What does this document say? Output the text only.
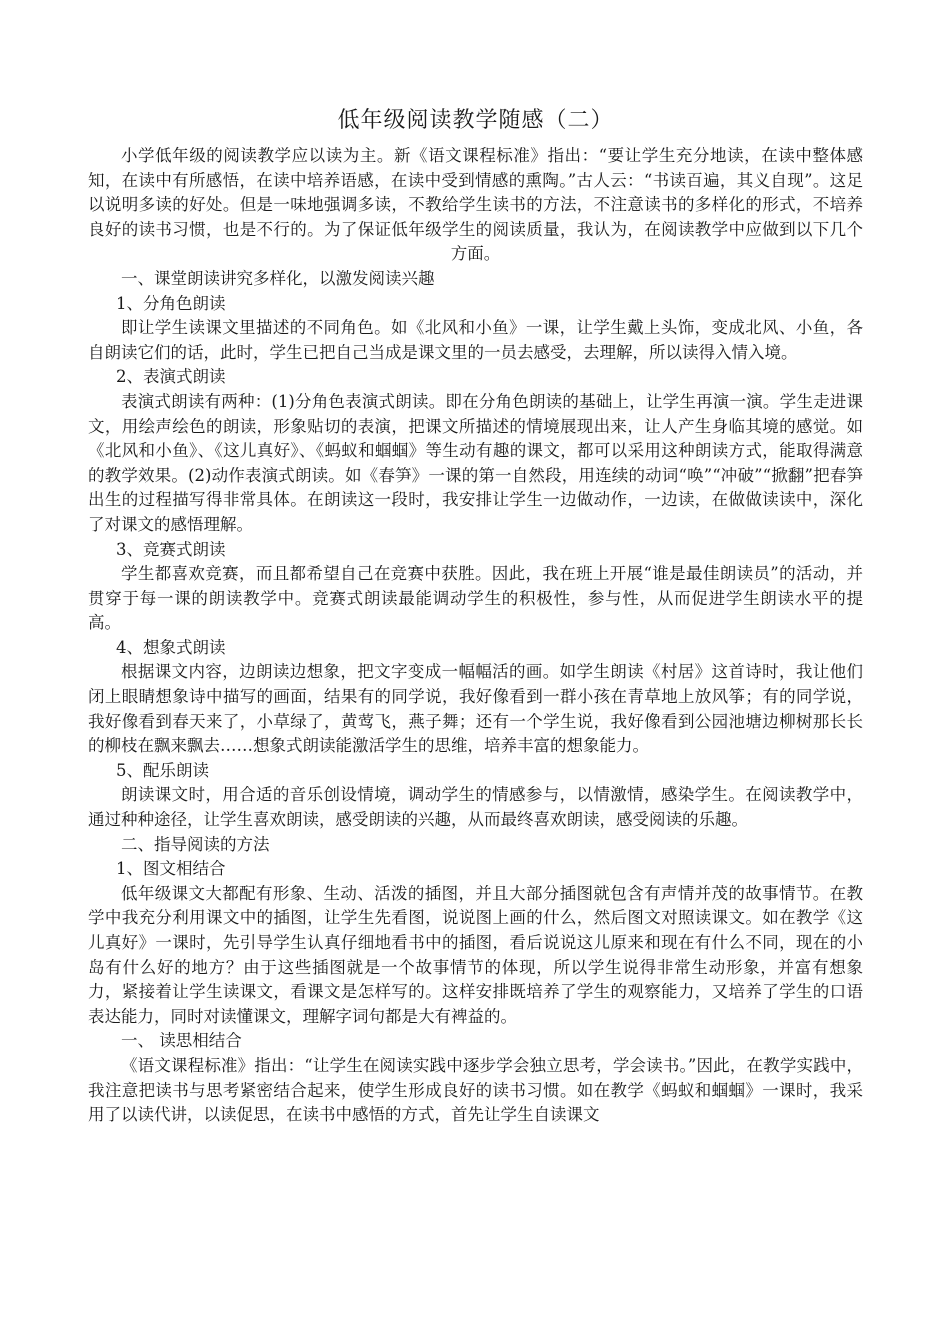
低年级阅读教学随感（二）

小学低年级的阅读教学应以读为主。新《语文课程标准》指出：“要让学生充分地读，在读中整体感知，在读中有所感悟，在读中培养语感，在读中受到情感的熏陶。”古人云：“书读百遍，其义自现”。这足以说明多读的好处。但是一味地强调多读，不教给学生读书的方法，不注意读书的多样化的形式，不培养良好的读书习惯，也是不行的。为了保证低年级学生的阅读质量，我认为，在阅读教学中应做到以下几个方面。

一、课堂朗读讲究多样化，以激发阅读兴趣

1、分角色朗读

即让学生读课文里描述的不同角色。如《北风和小鱼》一课，让学生戴上头饰，变成北风、小鱼，各自朗读它们的话，此时，学生已把自己当成是课文里的一员去感受，去理解，所以读得入情入境。

2、表演式朗读

表演式朗读有两种：(1)分角色表演式朗读。即在分角色朗读的基础上，让学生再演一演。学生走进课文，用绘声绘色的朗读，形象贴切的表演，把课文所描述的情境展现出来，让人产生身临其境的感觉。如《北风和小鱼》、《这儿真好》、《蚂蚁和蝈蝈》等生动有趣的课文，都可以采用这种朗读方式，能取得满意的教学效果。(2)动作表演式朗读。如《春笋》一课的第一自然段，用连续的动词“唤”“冲破”“掀翻”把春笋出生的过程描写得非常具体。在朗读这一段时，我安排让学生一边做动作，一边读，在做做读读中，深化了对课文的感悟理解。

3、竞赛式朗读

学生都喜欢竞赛，而且都希望自己在竞赛中获胜。因此，我在班上开展“谁是最佳朗读员”的活动，并贯穿于每一课的朗读教学中。竞赛式朗读最能调动学生的积极性，参与性，从而促进学生朗读水平的提高。

4、想象式朗读

根据课文内容，边朗读边想象，把文字变成一幅幅活的画。如学生朗读《村居》这首诗时，我让他们闭上眼睛想象诗中描写的画面，结果有的同学说，我好像看到一群小孩在青草地上放风筝；有的同学说，我好像看到春天来了，小草绿了，黄莺飞，燕子舞；还有一个学生说，我好像看到公园池塘边柳树那长长的柳枝在飘来飘去……想象式朗读能激活学生的思维，培养丰富的想象能力。

5、配乐朗读

朗读课文时，用合适的音乐创设情境，调动学生的情感参与，以情激情，感染学生。在阅读教学中，通过种种途径，让学生喜欢朗读，感受朗读的兴趣，从而最终喜欢朗读，感受阅读的乐趣。

二、指导阅读的方法

1、图文相结合

低年级课文大都配有形象、生动、活泼的插图，并且大部分插图就包含有声情并茂的故事情节。在教学中我充分利用课文中的插图，让学生先看图，说说图上画的什么，然后图文对照读课文。如在教学《这儿真好》一课时，先引导学生认真仔细地看书中的插图，看后说说这儿原来和现在有什么不同，现在的小岛有什么好的地方？由于这些插图就是一个故事情节的体现，所以学生说得非常生动形象，并富有想象力，紧接着让学生读课文，看课文是怎样写的。这样安排既培养了学生的观察能力，又培养了学生的口语表达能力，同时对读懂课文，理解字词句都是大有裨益的。

一、 读思相结合

《语文课程标准》指出：“让学生在阅读实践中逐步学会独立思考，学会读书。”因此，在教学实践中，我注意把读书与思考紧密结合起来，使学生形成良好的读书习惯。如在教学《蚂蚁和蝈蝈》一课时，我采用了以读代讲，以读促思，在读书中感悟的方式，首先让学生自读课文
